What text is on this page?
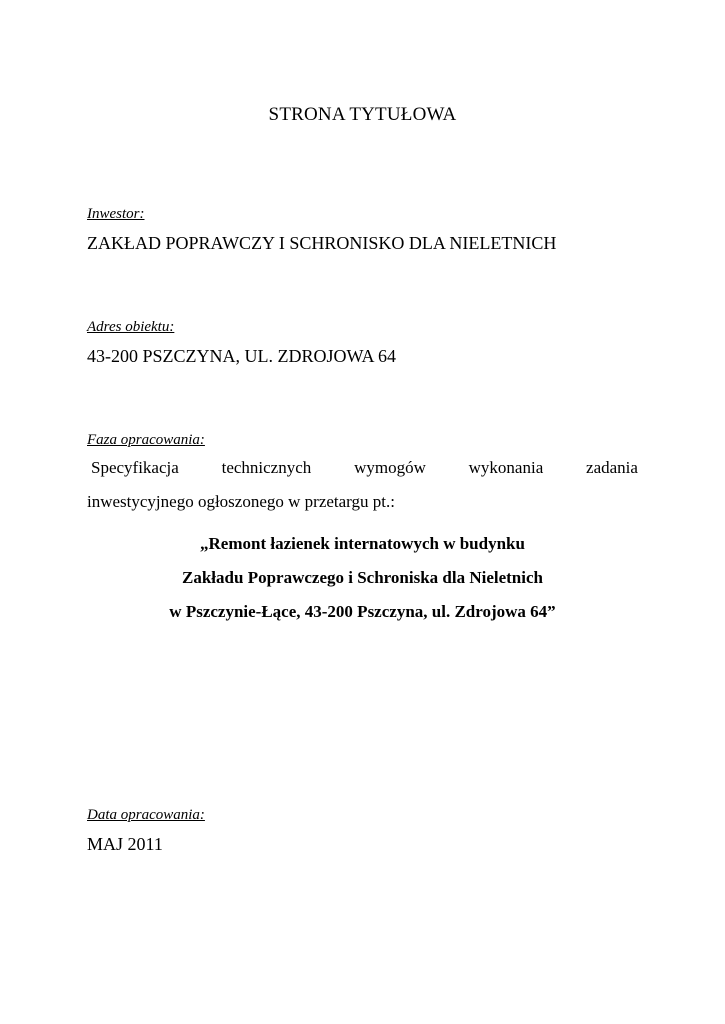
STRONA TYTUŁOWA
Inwestor:
ZAKŁAD POPRAWCZY I SCHRONISKO DLA NIELETNICH
Adres obiektu:
43-200 PSZCZYNA, UL. ZDROJOWA 64
Faza opracowania:
Specyfikacja	technicznych	wymogów	wykonania	zadania
inwestycyjnego ogłoszonego w przetargu pt.:
„Remont łazienek internatowych w budynku
Zakładu Poprawczego i Schroniska dla Nieletnich
w Pszczynie-Łące, 43-200 Pszczyna, ul. Zdrojowa 64”
Data opracowania:
MAJ 2011
